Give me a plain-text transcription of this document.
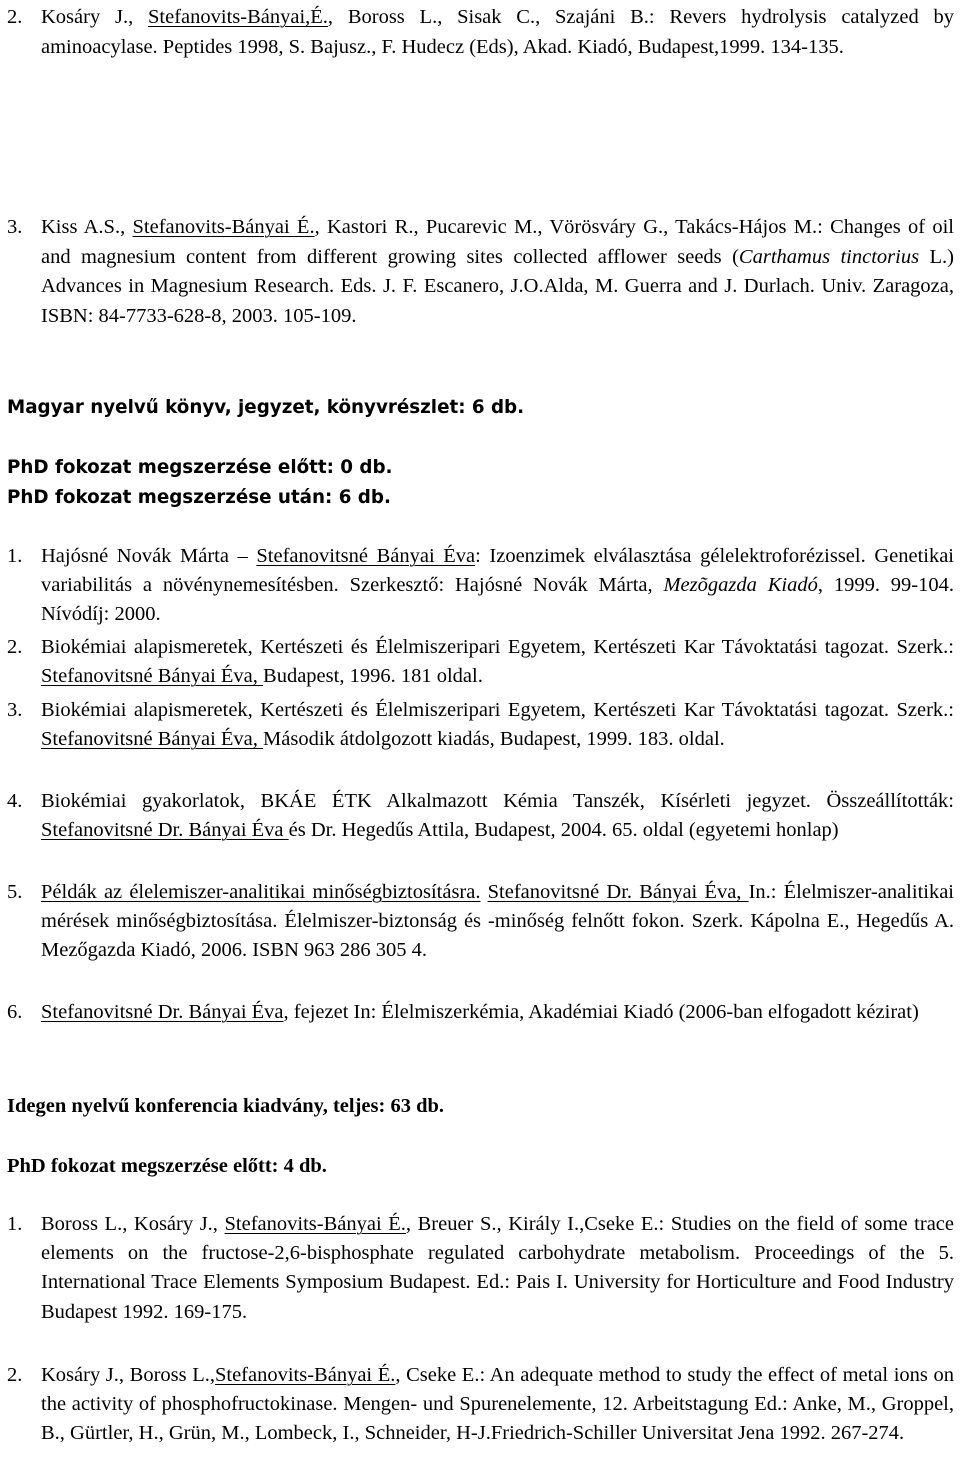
2. Kosáry J., Stefanovits-Bányai,É., Boross L., Sisak C., Szajáni B.: Revers hydrolysis catalyzed by aminoacylase. Peptides 1998, S. Bajusz., F. Hudecz (Eds), Akad. Kiadó, Budapest,1999. 134-135.
3. Kiss A.S., Stefanovits-Bányai É., Kastori R., Pucarevic M., Vörösváry G., Takács-Hájos M.: Changes of oil and magnesium content from different growing sites collected afflower seeds (Carthamus tinctorius L.) Advances in Magnesium Research. Eds. J. F. Escanero, J.O.Alda, M. Guerra and J. Durlach. Univ. Zaragoza, ISBN: 84-7733-628-8, 2003. 105-109.
Magyar nyelvű könyv, jegyzet, könyvrészlet: 6 db.
PhD fokozat megszerzése előtt: 0 db.
PhD fokozat megszerzése után: 6 db.
1. Hajósné Novák Márta – Stefanovitsné Bányai Éva: Izoenzimek elválasztása gélelektroforézissel. Genetikai variabilitás a növénynemesítésben. Szerkesztő: Hajósné Novák Márta, Mezõgazda Kiadó, 1999. 99-104. Nívódíj: 2000.
2. Biokémiai alapismeretek, Kertészeti és Élelmiszeripari Egyetem, Kertészeti Kar Távoktatási tagozat. Szerk.: Stefanovitsné Bányai Éva, Budapest, 1996. 181 oldal.
3. Biokémiai alapismeretek, Kertészeti és Élelmiszeripari Egyetem, Kertészeti Kar Távoktatási tagozat. Szerk.: Stefanovitsné Bányai Éva, Második átdolgozott kiadás, Budapest, 1999. 183. oldal.
4. Biokémiai gyakorlatok, BKÁE ÉTK Alkalmazott Kémia Tanszék, Kísérleti jegyzet. Összeállították: Stefanovitsné Dr. Bányai Éva és Dr. Hegedűs Attila, Budapest, 2004. 65. oldal (egyetemi honlap)
5. Példák az élelemiszer-analitikai minőségbiztosításra. Stefanovitsné Dr. Bányai Éva, In.: Élelmiszer-analitikai mérések minőségbiztosítása. Élelmiszer-biztonság és -minőség felnőtt fokon. Szerk. Kápolna E., Hegedűs A. Mezőgazda Kiadó, 2006. ISBN 963 286 305 4.
6. Stefanovitsné Dr. Bányai Éva, fejezet In: Élelmiszerkémia, Akadémiai Kiadó (2006-ban elfogadott kézirat)
Idegen nyelvű konferencia kiadvány, teljes: 63 db.
PhD fokozat megszerzése előtt: 4 db.
1. Boross L., Kosáry J., Stefanovits-Bányai É., Breuer S., Király I.,Cseke E.: Studies on the field of some trace elements on the fructose-2,6-bisphosphate regulated carbohydrate metabolism. Proceedings of the 5. International Trace Elements Symposium Budapest. Ed.: Pais I. University for Horticulture and Food Industry Budapest 1992. 169-175.
2. Kosáry J., Boross L.,Stefanovits-Bányai É., Cseke E.: An adequate method to study the effect of metal ions on the activity of phosphofructokinase. Mengen- und Spurenelemente, 12. Arbeitstagung Ed.: Anke, M., Groppel, B., Gürtler, H., Grün, M., Lombeck, I., Schneider, H-J.Friedrich-Schiller Universitat Jena 1992. 267-274.
